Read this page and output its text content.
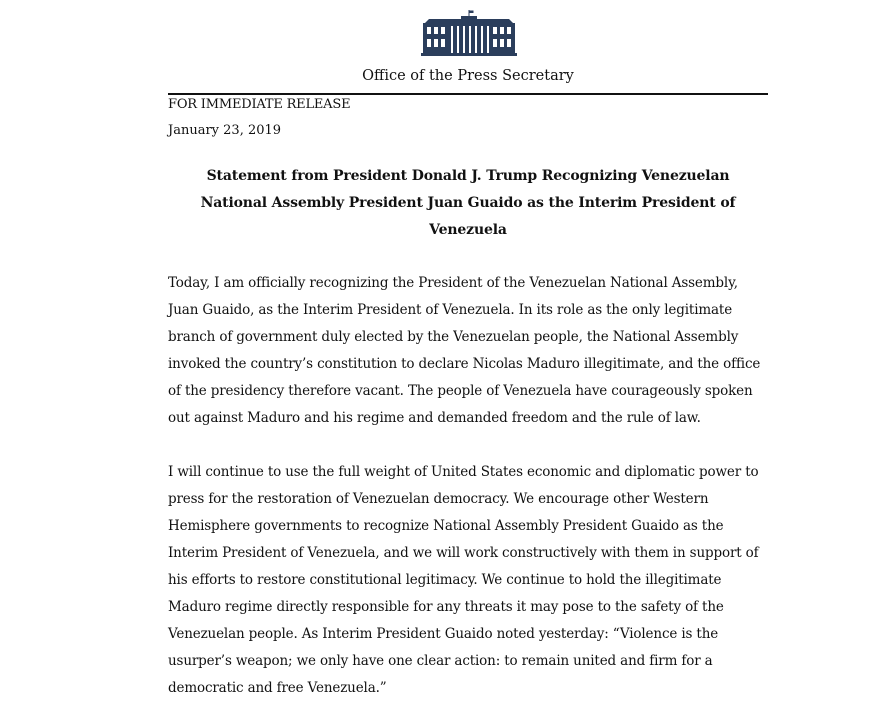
Office of the Press Secretary

FOR IMMEDIATE RELEASE

January 23, 2019

Statement from President Donald J. Trump Recognizing Venezuelan
National Assembly President Juan Guaido as the Interim President of
Venezuela
Today, I am officially recognizing the President of the Venezuelan National Assembly,
Juan Guaido, as the Interim President of Venezuela. In its role as the only legitimate
branch of government duly elected by the Venezuelan people, the National Assembly
invoked the country’s constitution to declare Nicolas Maduro illegitimate, and the office
of the presidency therefore vacant. The people of Venezuela have courageously spoken
out against Maduro and his regime and demanded freedom and the rule of law.
I will continue to use the full weight of United States economic and diplomatic power to
press for the restoration of Venezuelan democracy. We encourage other Western
Hemisphere governments to recognize National Assembly President Guaido as the
Interim President of Venezuela, and we will work constructively with them in support of
his efforts to restore constitutional legitimacy. We continue to hold the illegitimate
Maduro regime directly responsible for any threats it may pose to the safety of the
Venezuelan people. As Interim President Guaido noted yesterday: “Violence is the
usurper’s weapon; we only have one clear action: to remain united and firm for a
democratic and free Venezuela.”
